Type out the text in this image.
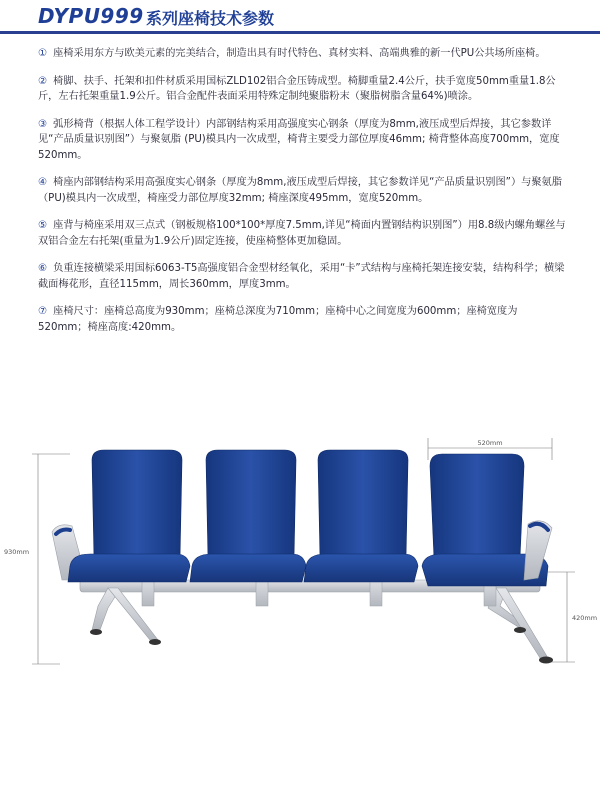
DYPU999 系列座椅技术参数

① 座椅采用东方与欧美元素的完美结合，制造出具有时代特色、真材实料、高端典雅的新一代PU公共场所座椅。

② 椅脚、扶手、托架和扣件材质采用国标ZLD102铝合金压铸成型。椅脚重量2.4公斤，扶手宽度50mm重量1.8公斤，左右托架重量1.9公斤。铝合金配件表面采用特殊定制纯聚脂粉末（聚脂树脂含量64%)喷涂。

③ 弧形椅背（根据人体工程学设计）内部钢结构采用高强度实心钢条（厚度为8mm,液压成型后焊接，其它参数详见“产品质量识别图”）与聚氨脂 (PU)模具内一次成型，椅背主要受力部位厚度46mm; 椅背整体高度700mm，宽度520mm。

④ 椅座内部钢结构采用高强度实心钢条（厚度为8mm,液压成型后焊接，其它参数详见“产品质量识别图”）与聚氨脂（PU)模具内一次成型，椅座受力部位厚度32mm; 椅座深度495mm，宽度520mm。

⑤ 座背与椅座采用双三点式（钢板规格100*100*厚度7.5mm,详见“椅面内置钢结构识别图”）用8.8级内螺角螺丝与双铝合金左右托架(重量为1.9公斤)固定连接，使座椅整体更加稳固。

⑥ 负重连接横梁采用国标6063-T5高强度铝合金型材经氧化，采用“卡”式结构与座椅托架连接安装，结构科学；横梁截面梅花形，直径115mm，周长360mm，厚度3mm。

⑦ 座椅尺寸：座椅总高度为930mm；座椅总深度为710mm；座椅中心之间宽度为600mm；座椅宽度为520mm；椅座高度:420mm。

520mm
930mm
420mm
